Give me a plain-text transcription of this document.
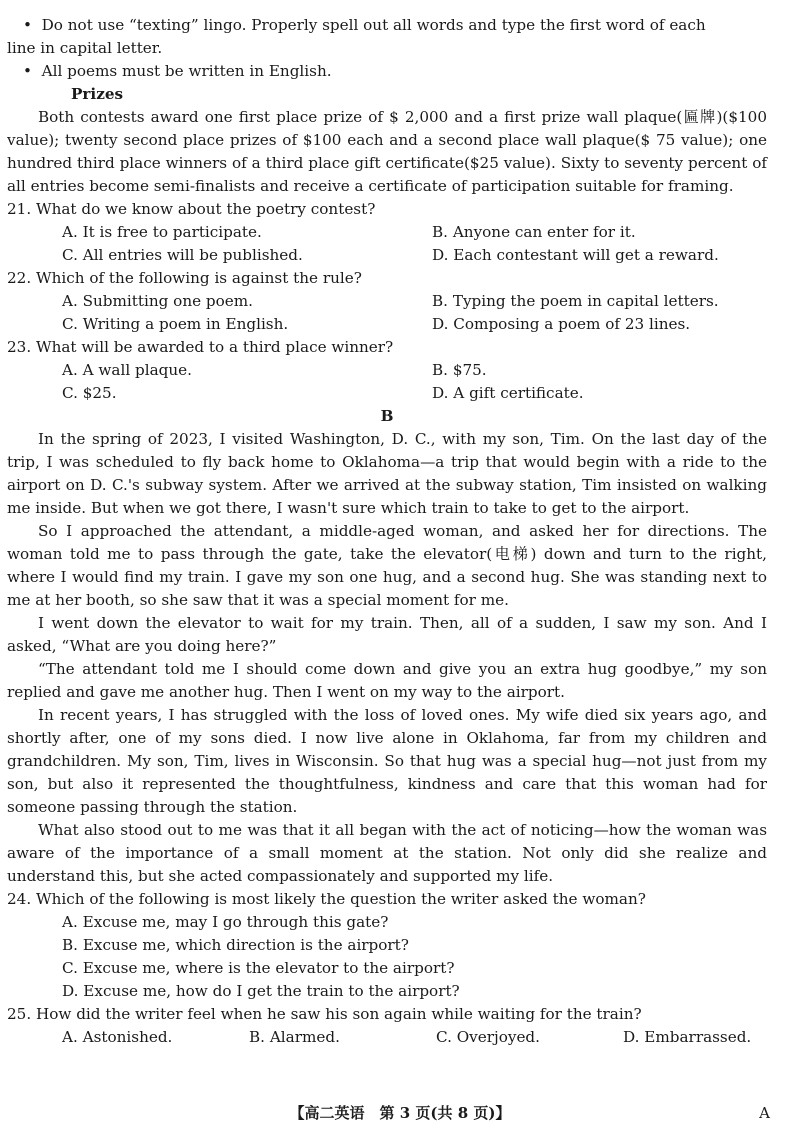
• Do not use “texting” lingo. Properly spell out all words and type the first word of each
line in capital letter.
• All poems must be written in English.
Prizes

Both contests award one first place prize of $ 2,000 and a first prize wall plaque(匾牌)($100 value); twenty second place prizes of $100 each and a second place wall plaque($ 75 value); one hundred third place winners of a third place gift certificate($25 value). Sixty to seventy percent of all entries become semi-finalists and receive a certificate of participation suitable for framing.

21. What do we know about the poetry contest?
A. It is free to participate.	B. Anyone can enter for it.
C. All entries will be published.	D. Each contestant will get a reward.
22. Which of the following is against the rule?
A. Submitting one poem.	B. Typing the poem in capital letters.
C. Writing a poem in English.	D. Composing a poem of 23 lines.
23. What will be awarded to a third place winner?
A. A wall plaque.	B. $75.
C. $25.	D. A gift certificate.
B

In the spring of 2023, I visited Washington, D. C., with my son, Tim. On the last day of the trip, I was scheduled to fly back home to Oklahoma—a trip that would begin with a ride to the airport on D. C.'s subway system. After we arrived at the subway station, Tim insisted on walking me inside. But when we got there, I wasn't sure which train to take to get to the airport.

So I approached the attendant, a middle-aged woman, and asked her for directions. The woman told me to pass through the gate, take the elevator(电梯) down and turn to the right, where I would find my train. I gave my son one hug, and a second hug. She was standing next to me at her booth, so she saw that it was a special moment for me.

I went down the elevator to wait for my train. Then, all of a sudden, I saw my son. And I asked, “What are you doing here?”

“The attendant told me I should come down and give you an extra hug goodbye,” my son replied and gave me another hug. Then I went on my way to the airport.

In recent years, I has struggled with the loss of loved ones. My wife died six years ago, and shortly after, one of my sons died. I now live alone in Oklahoma, far from my children and grandchildren. My son, Tim, lives in Wisconsin. So that hug was a special hug—not just from my son, but also it represented the thoughtfulness, kindness and care that this woman had for someone passing through the station.

What also stood out to me was that it all began with the act of noticing—how the woman was aware of the importance of a small moment at the station. Not only did she realize and understand this, but she acted compassionately and supported my life.

24. Which of the following is most likely the question the writer asked the woman?
A. Excuse me, may I go through this gate?
B. Excuse me, which direction is the airport?
C. Excuse me, where is the elevator to the airport?
D. Excuse me, how do I get the train to the airport?
25. How did the writer feel when he saw his son again while waiting for the train?
A. Astonished.	B. Alarmed.	C. Overjoyed.	D. Embarrassed.
【高二英语　第 3 页(共 8 页)】	A
